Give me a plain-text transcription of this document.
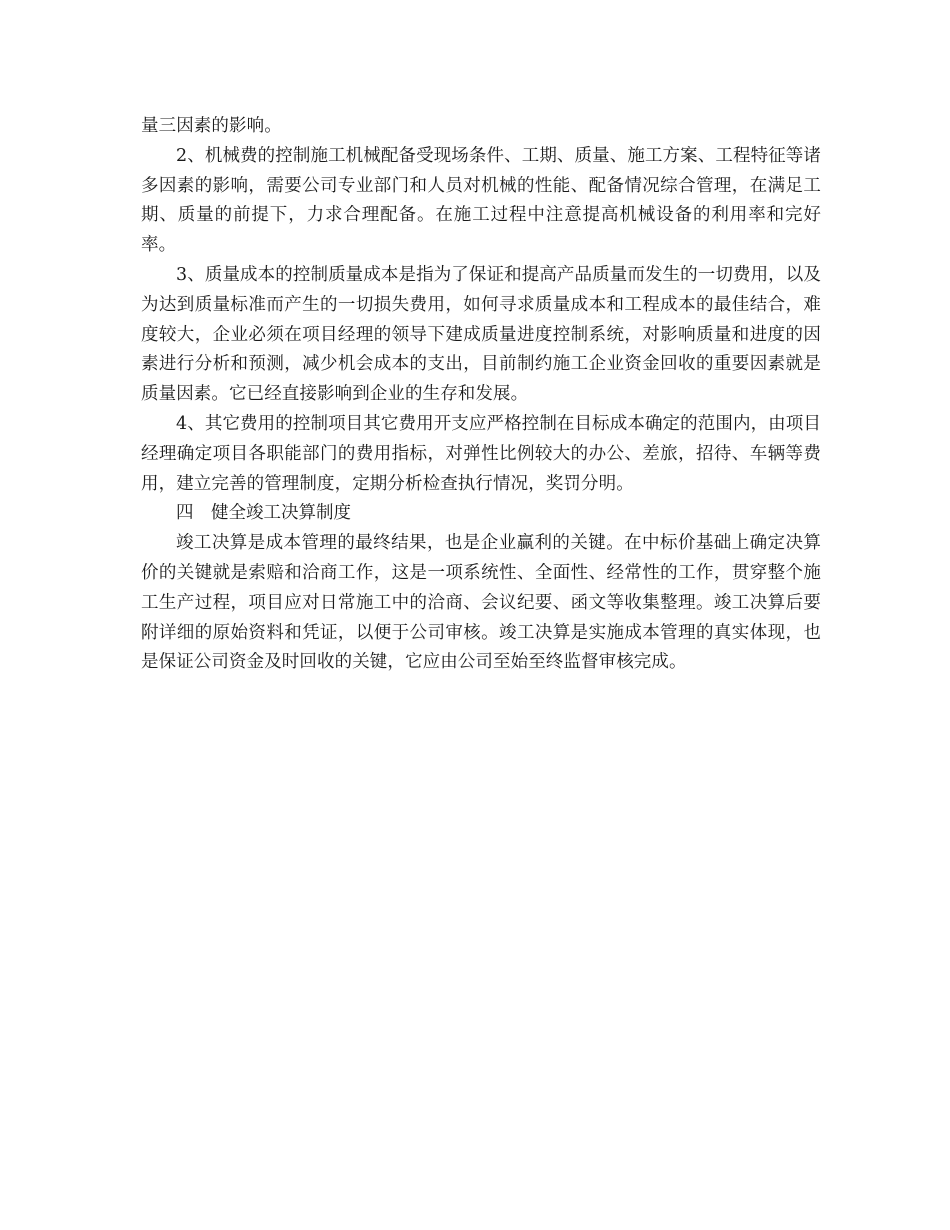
量三因素的影响。

2、机械费的控制施工机械配备受现场条件、工期、质量、施工方案、工程特征等诸多因素的影响，需要公司专业部门和人员对机械的性能、配备情况综合管理，在满足工期、质量的前提下，力求合理配备。在施工过程中注意提高机械设备的利用率和完好率。

3、质量成本的控制质量成本是指为了保证和提高产品质量而发生的一切费用，以及为达到质量标准而产生的一切损失费用，如何寻求质量成本和工程成本的最佳结合，难度较大，企业必须在项目经理的领导下建成质量进度控制系统，对影响质量和进度的因素进行分析和预测，减少机会成本的支出，目前制约施工企业资金回收的重要因素就是质量因素。它已经直接影响到企业的生存和发展。

4、其它费用的控制项目其它费用开支应严格控制在目标成本确定的范围内，由项目经理确定项目各职能部门的费用指标，对弹性比例较大的办公、差旅，招待、车辆等费用，建立完善的管理制度，定期分析检查执行情况，奖罚分明。

四　健全竣工决算制度

竣工决算是成本管理的最终结果，也是企业赢利的关键。在中标价基础上确定决算价的关键就是索赔和洽商工作，这是一项系统性、全面性、经常性的工作，贯穿整个施工生产过程，项目应对日常施工中的洽商、会议纪要、函文等收集整理。竣工决算后要附详细的原始资料和凭证，以便于公司审核。竣工决算是实施成本管理的真实体现，也是保证公司资金及时回收的关键，它应由公司至始至终监督审核完成。
